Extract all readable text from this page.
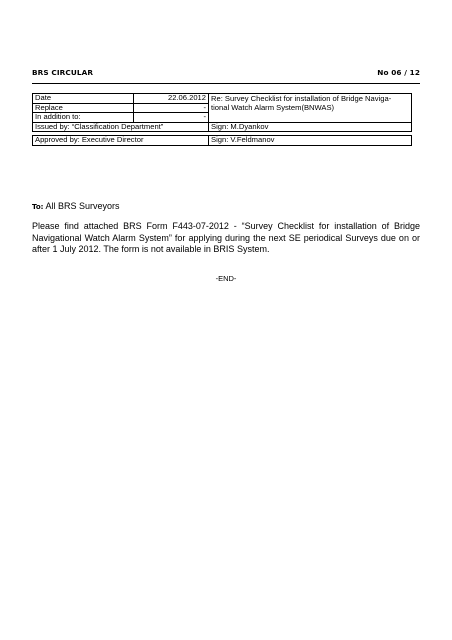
BRS CIRCULAR	No 06 / 12
Date	22.06.2012	Re: Survey Checklist for installation of Bridge Naviga-tional Watch Alarm System(BNWAS)
Replace	-	
In addition to:	-	
Issued by: “Classification Department”		Sign: M.Dyankov

Approved by: Executive Director		Sign: V.Feldmanov
To: All BRS Surveyors
Please find attached BRS Form F443-07-2012 - “Survey Checklist for installation of Bridge Navigational Watch Alarm System” for applying during the next SE periodical Surveys due on or after 1 July 2012. The form is not available in BRIS System.
-END-
